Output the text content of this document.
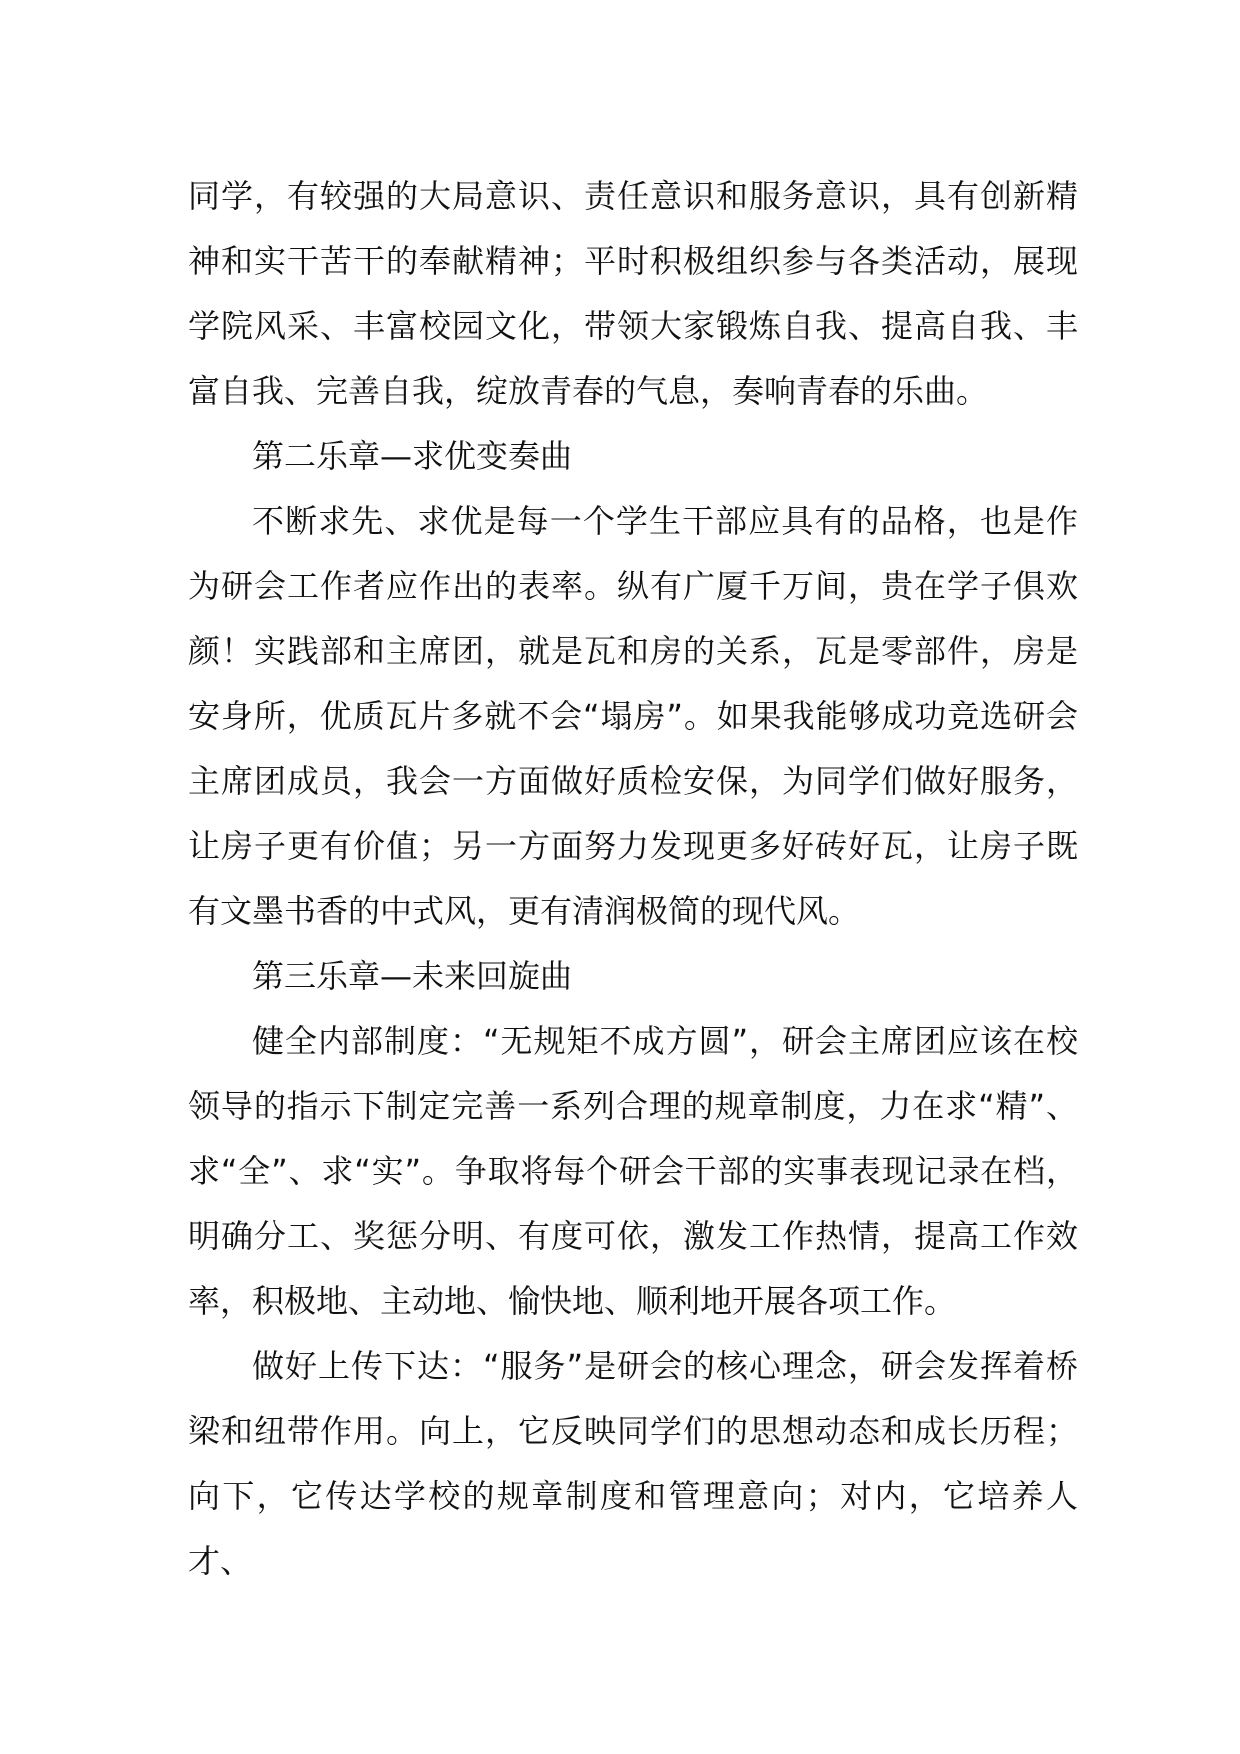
同学，有较强的大局意识、责任意识和服务意识，具有创新精神和实干苦干的奉献精神；平时积极组织参与各类活动，展现学院风采、丰富校园文化，带领大家锻炼自我、提高自我、丰富自我、完善自我，绽放青春的气息，奏响青春的乐曲。

第二乐章—求优变奏曲

不断求先、求优是每一个学生干部应具有的品格，也是作为研会工作者应作出的表率。纵有广厦千万间，贵在学子俱欢颜！实践部和主席团，就是瓦和房的关系，瓦是零部件，房是安身所，优质瓦片多就不会“塌房”。如果我能够成功竞选研会主席团成员，我会一方面做好质检安保，为同学们做好服务，让房子更有价值；另一方面努力发现更多好砖好瓦，让房子既有文墨书香的中式风，更有清润极简的现代风。

第三乐章—未来回旋曲

健全内部制度：“无规矩不成方圆”，研会主席团应该在校领导的指示下制定完善一系列合理的规章制度，力在求“精”、求“全”、求“实”。争取将每个研会干部的实事表现记录在档，明确分工、奖惩分明、有度可依，激发工作热情，提高工作效率，积极地、主动地、愉快地、顺利地开展各项工作。

做好上传下达：“服务”是研会的核心理念，研会发挥着桥梁和纽带作用。向上，它反映同学们的思想动态和成长历程；向下，它传达学校的规章制度和管理意向；对内，它培养人才、
